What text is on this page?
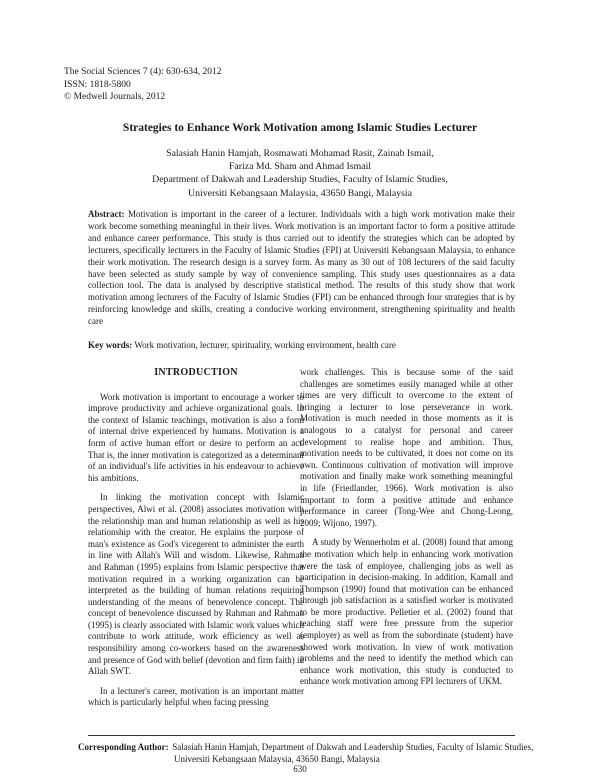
The Social Sciences 7 (4): 630-634, 2012
ISSN: 1818-5800
© Medwell Journals, 2012
Strategies to Enhance Work Motivation among Islamic Studies Lecturer
Salasiah Hanin Hamjah, Rosmawati Mohamad Rasit, Zainab Ismail,
Fariza Md. Sham and Ahmad Ismail
Department of Dakwah and Leadership Studies, Faculty of Islamic Studies,
Universiti Kebangsaan Malaysia, 43650 Bangi, Malaysia
Abstract: Motivation is important in the career of a lecturer. Individuals with a high work motivation make their work become something meaningful in their lives. Work motivation is an important factor to form a positive attitude and enhance career performance. This study is thus carried out to identify the strategies which can be adopted by lecturers, specifically lecturers in the Faculty of Islamic Studies (FPI) at Universiti Kebangsaan Malaysia, to enhance their work motivation. The research design is a survey form. As many as 30 out of 108 lecturers of the said faculty have been selected as study sample by way of convenience sampling. This study uses questionnaires as a data collection tool. The data is analysed by descriptive statistical method. The results of this study show that work motivation among lecturers of the Faculty of Islamic Studies (FPI) can be enhanced through four strategies that is by reinforcing knowledge and skills, creating a conducive working environment, strengthening spirituality and health care
Key words: Work motivation, lecturer, spirituality, working environment, health care
INTRODUCTION

Work motivation is important to encourage a worker to improve productivity and achieve organizational goals. In the context of Islamic teachings, motivation is also a form of internal drive experienced by humans. Motivation is a form of active human effort or desire to perform an act. That is, the inner motivation is categorized as a determinant of an individual's life activities in his endeavour to achieve his ambitions.

In linking the motivation concept with Islamic perspectives, Alwi et al. (2008) associates motivation with the relationship man and human relationship as well as his relationship with the creator. He explains the purpose of man's existence as God's vicegerent to administer the earth in line with Allah's Will and wisdom. Likewise, Rahman and Rahman (1995) explains from Islamic perspective that motivation required in a working organization can be interpreted as the building of human relations requiring understanding of the means of benevolence concept. The concept of benevolence discussed by Rahman and Rahman (1995) is clearly associated with Islamic work values which contribute to work attitude, work efficiency as well as responsibility among co-workers based on the awareness and presence of God with belief (devotion and firm faith) in Allah SWT.

In a lecturer's career, motivation is an important matter which is particularly helpful when facing pressing

work challenges. This is because some of the said challenges are sometimes easily managed while at other times are very difficult to overcome to the extent of bringing a lecturer to lose perseverance in work. Motivation is much needed in those moments as it is analogous to a catalyst for personal and career development to realise hope and ambition. Thus, motivation needs to be cultivated, it does not come on its own. Continuous cultivation of motivation will improve motivation and finally make work something meaningful in life (Friedlander, 1966). Work motivation is also important to form a positive attitude and enhance performance in career (Tong-Wee and Chong-Leong, 2009; Wijono, 1997).

A study by Wennerholm et al. (2008) found that among the motivation which help in enhancing work motivation were the task of employee, challenging jobs as well as participation in decision-making. In addition, Kamall and Thompson (1990) found that motivation can be enhanced through job satisfaction as a satisfied worker is motivated to be more productive. Pelletier et al. (2002) found that teaching staff were free pressure from the superior (employer) as well as from the subordinate (student) have showed work motivation. In view of work motivation problems and the need to identify the method which can enhance work motivation, this study is conducted to enhance work motivation among FPI lecturers of UKM.

Corresponding Author: Salasiah Hanin Hamjah, Department of Dakwah and Leadership Studies, Faculty of Islamic Studies,
Universiti Kebangsaan Malaysia, 43650 Bangi, Malaysia
630
